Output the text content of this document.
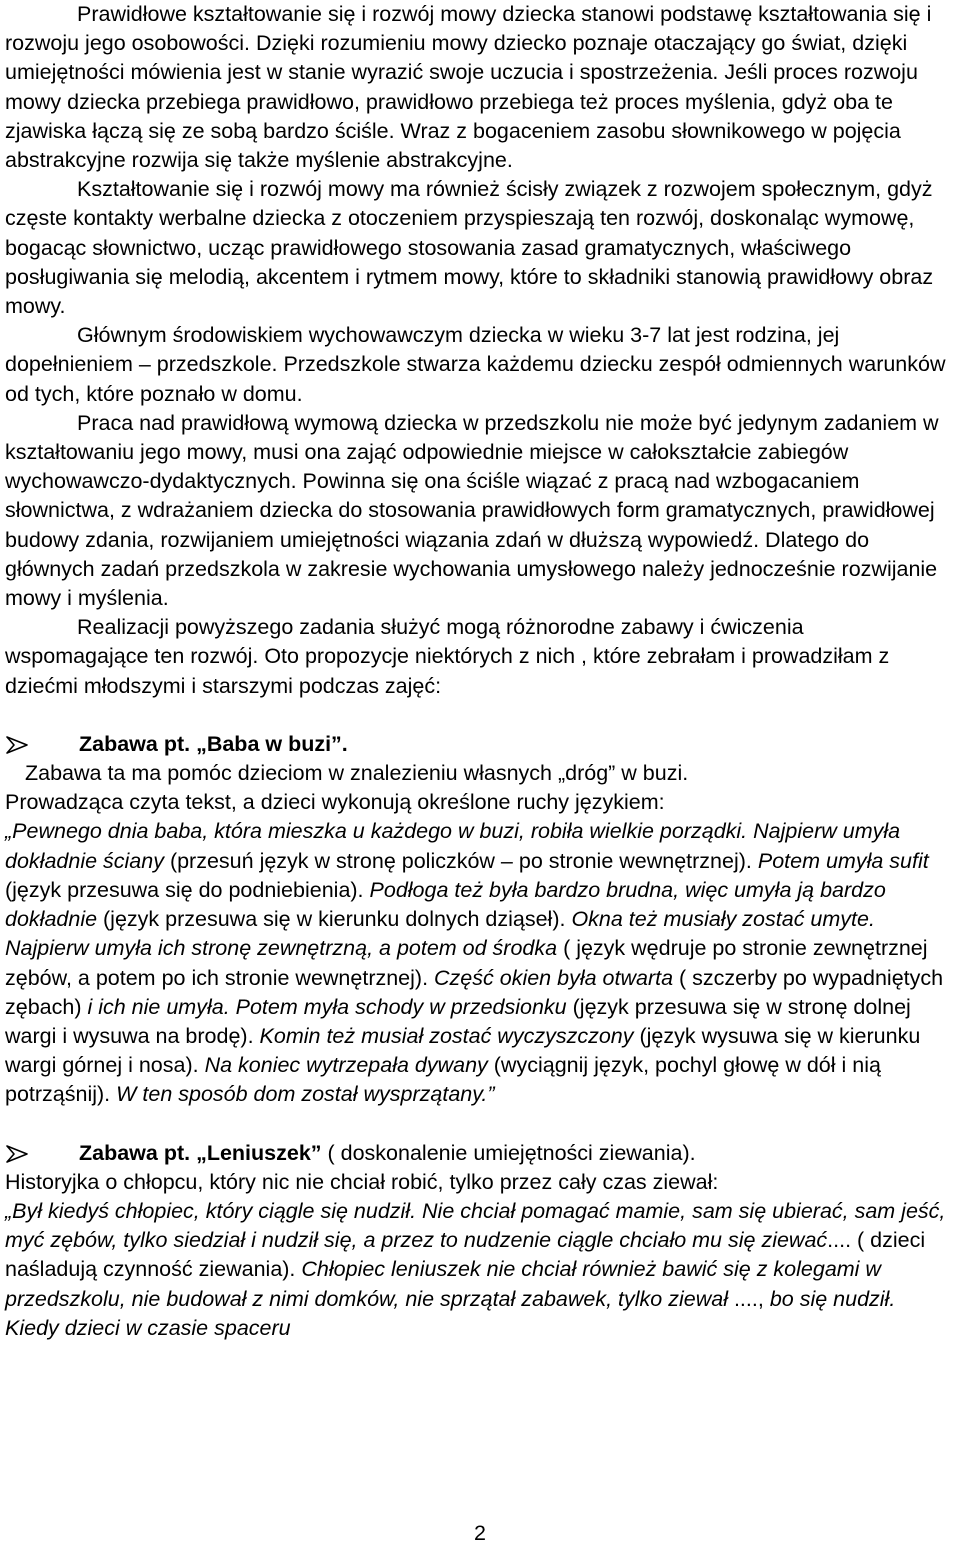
Prawidłowe kształtowanie się i rozwój mowy dziecka stanowi podstawę kształtowania się i rozwoju jego osobowości. Dzięki rozumieniu mowy dziecko poznaje otaczający go świat, dzięki umiejętności mówienia jest w stanie wyrazić swoje uczucia i spostrzeżenia. Jeśli proces rozwoju mowy dziecka przebiega prawidłowo, prawidłowo przebiega też proces myślenia, gdyż oba te zjawiska łączą się ze sobą bardzo ściśle. Wraz z bogaceniem zasobu słownikowego w pojęcia abstrakcyjne rozwija się także myślenie abstrakcyjne.

Kształtowanie się i rozwój mowy ma również ścisły związek z rozwojem społecznym, gdyż częste kontakty werbalne dziecka z otoczeniem przyspieszają ten rozwój, doskonaląc wymowę, bogacąc słownictwo, ucząc prawidłowego stosowania zasad gramatycznych, właściwego posługiwania się melodią, akcentem i rytmem mowy, które to składniki stanowią prawidłowy obraz mowy.

Głównym środowiskiem wychowawczym dziecka w wieku 3-7 lat jest rodzina, jej dopełnieniem – przedszkole. Przedszkole stwarza każdemu dziecku zespół odmiennych warunków od tych, które poznało w domu.

Praca nad prawidłową wymową dziecka w przedszkolu nie może być jedynym zadaniem w kształtowaniu jego mowy, musi ona zająć odpowiednie miejsce w całokształcie zabiegów wychowawczo-dydaktycznych. Powinna się ona ściśle wiązać z pracą nad wzbogacaniem słownictwa, z wdrażaniem dziecka do stosowania prawidłowych form gramatycznych, prawidłowej budowy zdania, rozwijaniem umiejętności wiązania zdań w dłuższą wypowiedź. Dlatego do głównych zadań przedszkola w zakresie wychowania umysłowego należy jednocześnie rozwijanie mowy i myślenia.

Realizacji powyższego zadania służyć mogą różnorodne zabawy i ćwiczenia wspomagające ten rozwój. Oto propozycje niektórych z nich , które zebrałam i prowadziłam z dziećmi młodszymi i starszymi podczas zajęć:

Zabawa pt. „Baba w buzi”.

Zabawa ta ma pomóc dzieciom w znalezieniu własnych „dróg” w buzi.

Prowadząca czyta tekst, a dzieci wykonują określone ruchy językiem:

„Pewnego dnia baba, która mieszka u każdego w buzi, robiła wielkie porządki. Najpierw umyła dokładnie ściany (przesuń język w stronę policzków – po stronie wewnętrznej). Potem umyła sufit (język przesuwa się do podniebienia). Podłoga też była bardzo brudna, więc umyła ją bardzo dokładnie (język przesuwa się w kierunku dolnych dziąseł). Okna też musiały zostać umyte. Najpierw umyła ich stronę zewnętrzną, a potem od środka ( język wędruje po stronie zewnętrznej zębów, a potem po ich stronie wewnętrznej). Część okien była otwarta ( szczerby po wypadniętych zębach) i ich nie umyła. Potem myła schody w przedsionku (język przesuwa się w stronę dolnej wargi i wysuwa na brodę). Komin też musiał zostać wyczyszczony (język wysuwa się w kierunku wargi górnej i nosa). Na koniec wytrzepała dywany (wyciągnij język, pochyl głowę w dół i nią potrząśnij). W ten sposób dom został wysprzątany.”

Zabawa pt. „Leniuszek” ( doskonalenie umiejętności ziewania).

Historyjka o chłopcu, który nic nie chciał robić, tylko przez cały czas ziewał:

„Był kiedyś chłopiec, który ciągle się nudził. Nie chciał pomagać mamie, sam się ubierać, sam jeść, myć zębów, tylko siedział i nudził się, a przez to nudzenie ciągle chciało mu się ziewać.... ( dzieci naśladują czynność ziewania). Chłopiec leniuszek nie chciał również bawić się z kolegami w przedszkolu, nie budował z nimi domków, nie sprzątał zabawek, tylko ziewał ...., bo się nudził. Kiedy dzieci w czasie spaceru

2
